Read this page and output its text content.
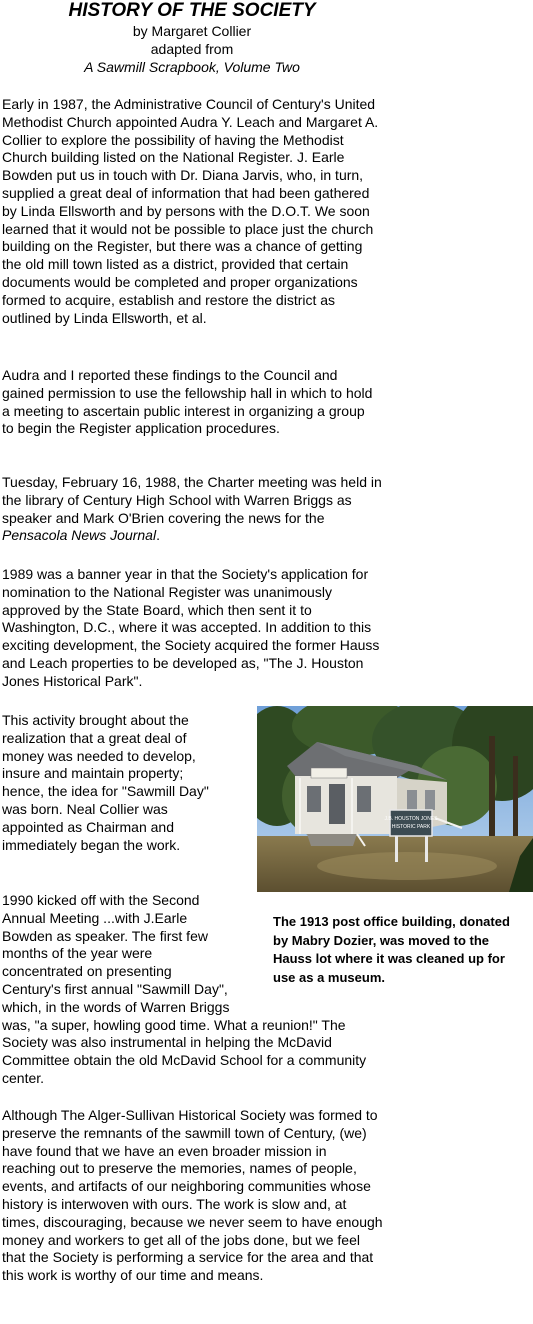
HISTORY OF THE SOCIETY
by Margaret Collier
adapted from
A Sawmill Scrapbook, Volume Two

Early in 1987, the Administrative Council of Century's United Methodist Church appointed Audra Y. Leach and Margaret A. Collier to explore the possibility of having the Methodist Church building listed on the National Register. J. Earle Bowden put us in touch with Dr. Diana Jarvis, who, in turn, supplied a great deal of information that had been gathered by Linda Ellsworth and by persons with the D.O.T. We soon learned that it would not be possible to place just the church building on the Register, but there was a chance of getting the old mill town listed as a district, provided that certain documents would be completed and proper organizations formed to acquire, establish and restore the district as outlined by Linda Ellsworth, et al.

Audra and I reported these findings to the Council and gained permission to use the fellowship hall in which to hold a meeting to ascertain public interest in organizing a group to begin the Register application procedures.

Tuesday, February 16, 1988, the Charter meeting was held in the library of Century High School with Warren Briggs as speaker and Mark O'Brien covering the news for the Pensacola News Journal.

1989 was a banner year in that the Society's application for nomination to the National Register was unanimously approved by the State Board, which then sent it to Washington, D.C., where it was accepted. In addition to this exciting development, the Society acquired the former Hauss and Leach properties to be developed as, "The J. Houston Jones Historical Park".

This activity brought about the realization that a great deal of money was needed to develop, insure and maintain property; hence, the idea for "Sawmill Day" was born. Neal Collier was appointed as Chairman and immediately began the work.

1990 kicked off with the Second Annual Meeting ...with J.Earle Bowden as speaker. The first few months of the year were concentrated on presenting Century's first annual "Sawmill Day", which, in the words of Warren Briggs was, "a super, howling good time. What a reunion!" The Society was also instrumental in helping the McDavid Committee obtain the old McDavid School for a community center.

Although The Alger-Sullivan Historical Society was formed to preserve the remnants of the sawmill town of Century, (we) have found that we have an even broader mission in reaching out to preserve the memories, names of people, events, and artifacts of our neighboring communities whose history is interwoven with ours. The work is slow and, at times, discouraging, because we never seem to have enough money and workers to get all of the jobs done, but we feel that the Society is performing a service for the area and that this work is worthy of our time and means.

J.B. HOUSTON JONES
HISTORIC PARK

The 1913 post office building, donated by Mabry Dozier, was moved to the Hauss lot where it was cleaned up for use as a museum.
